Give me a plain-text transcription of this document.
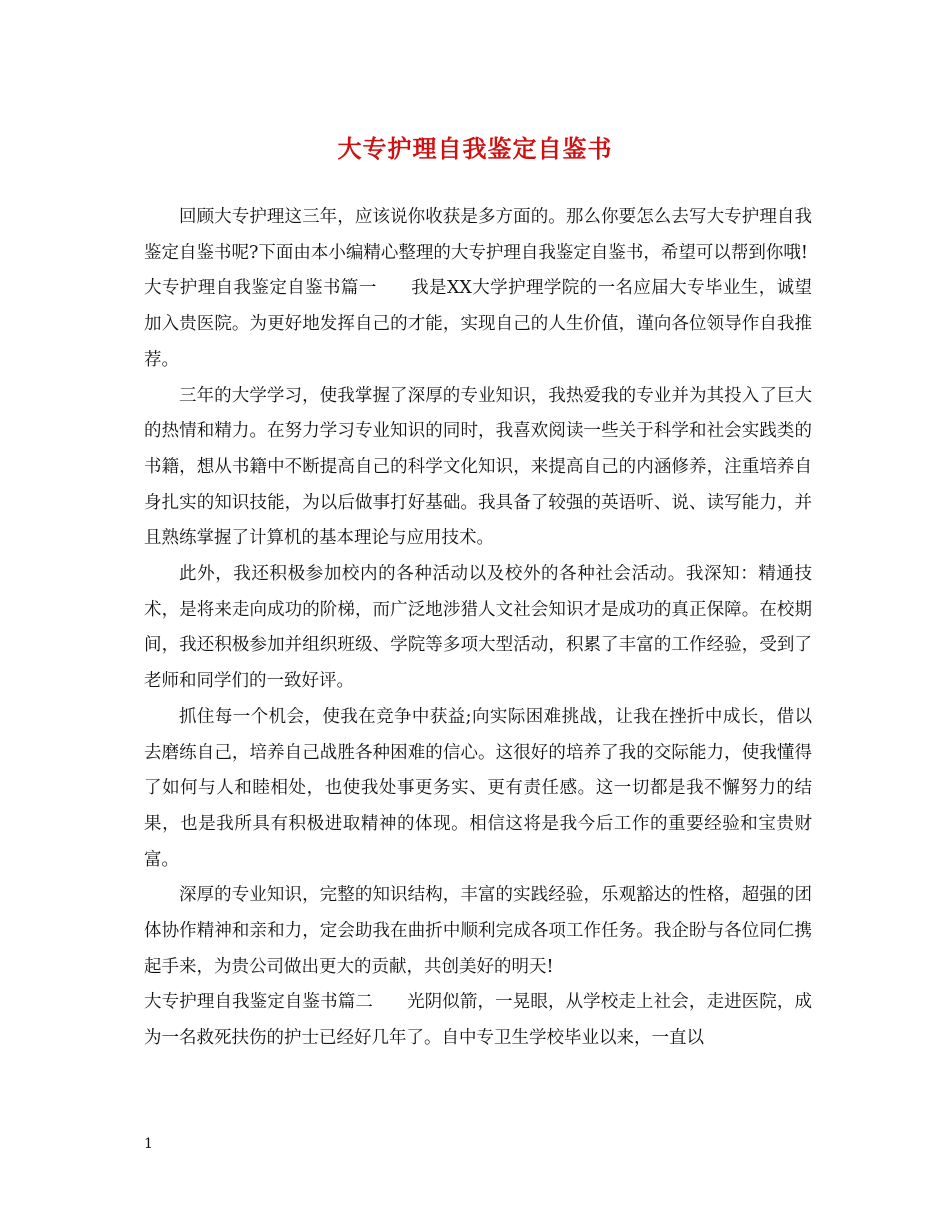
大专护理自我鉴定自鉴书

回顾大专护理这三年，应该说你收获是多方面的。那么你要怎么去写大专护理自我鉴定自鉴书呢?下面由本小编精心整理的大专护理自我鉴定自鉴书，希望可以帮到你哦!

大专护理自我鉴定自鉴书篇一 我是XX大学护理学院的一名应届大专毕业生，诚望加入贵医院。为更好地发挥自己的才能，实现自己的人生价值，谨向各位领导作自我推荐。

三年的大学学习，使我掌握了深厚的专业知识，我热爱我的专业并为其投入了巨大的热情和精力。在努力学习专业知识的同时，我喜欢阅读一些关于科学和社会实践类的书籍，想从书籍中不断提高自己的科学文化知识，来提高自己的内涵修养，注重培养自身扎实的知识技能，为以后做事打好基础。我具备了较强的英语听、说、读写能力，并且熟练掌握了计算机的基本理论与应用技术。

此外，我还积极参加校内的各种活动以及校外的各种社会活动。我深知：精通技术，是将来走向成功的阶梯，而广泛地涉猎人文社会知识才是成功的真正保障。在校期间，我还积极参加并组织班级、学院等多项大型活动，积累了丰富的工作经验，受到了老师和同学们的一致好评。

抓住每一个机会，使我在竞争中获益;向实际困难挑战，让我在挫折中成长，借以去磨练自己，培养自己战胜各种困难的信心。这很好的培养了我的交际能力，使我懂得了如何与人和睦相处，也使我处事更务实、更有责任感。这一切都是我不懈努力的结果，也是我所具有积极进取精神的体现。相信这将是我今后工作的重要经验和宝贵财富。

深厚的专业知识，完整的知识结构，丰富的实践经验，乐观豁达的性格，超强的团体协作精神和亲和力，定会助我在曲折中顺利完成各项工作任务。我企盼与各位同仁携起手来，为贵公司做出更大的贡献，共创美好的明天!

大专护理自我鉴定自鉴书篇二 光阴似箭，一晃眼，从学校走上社会，走进医院，成为一名救死扶伤的护士已经好几年了。自中专卫生学校毕业以来，一直以

1
